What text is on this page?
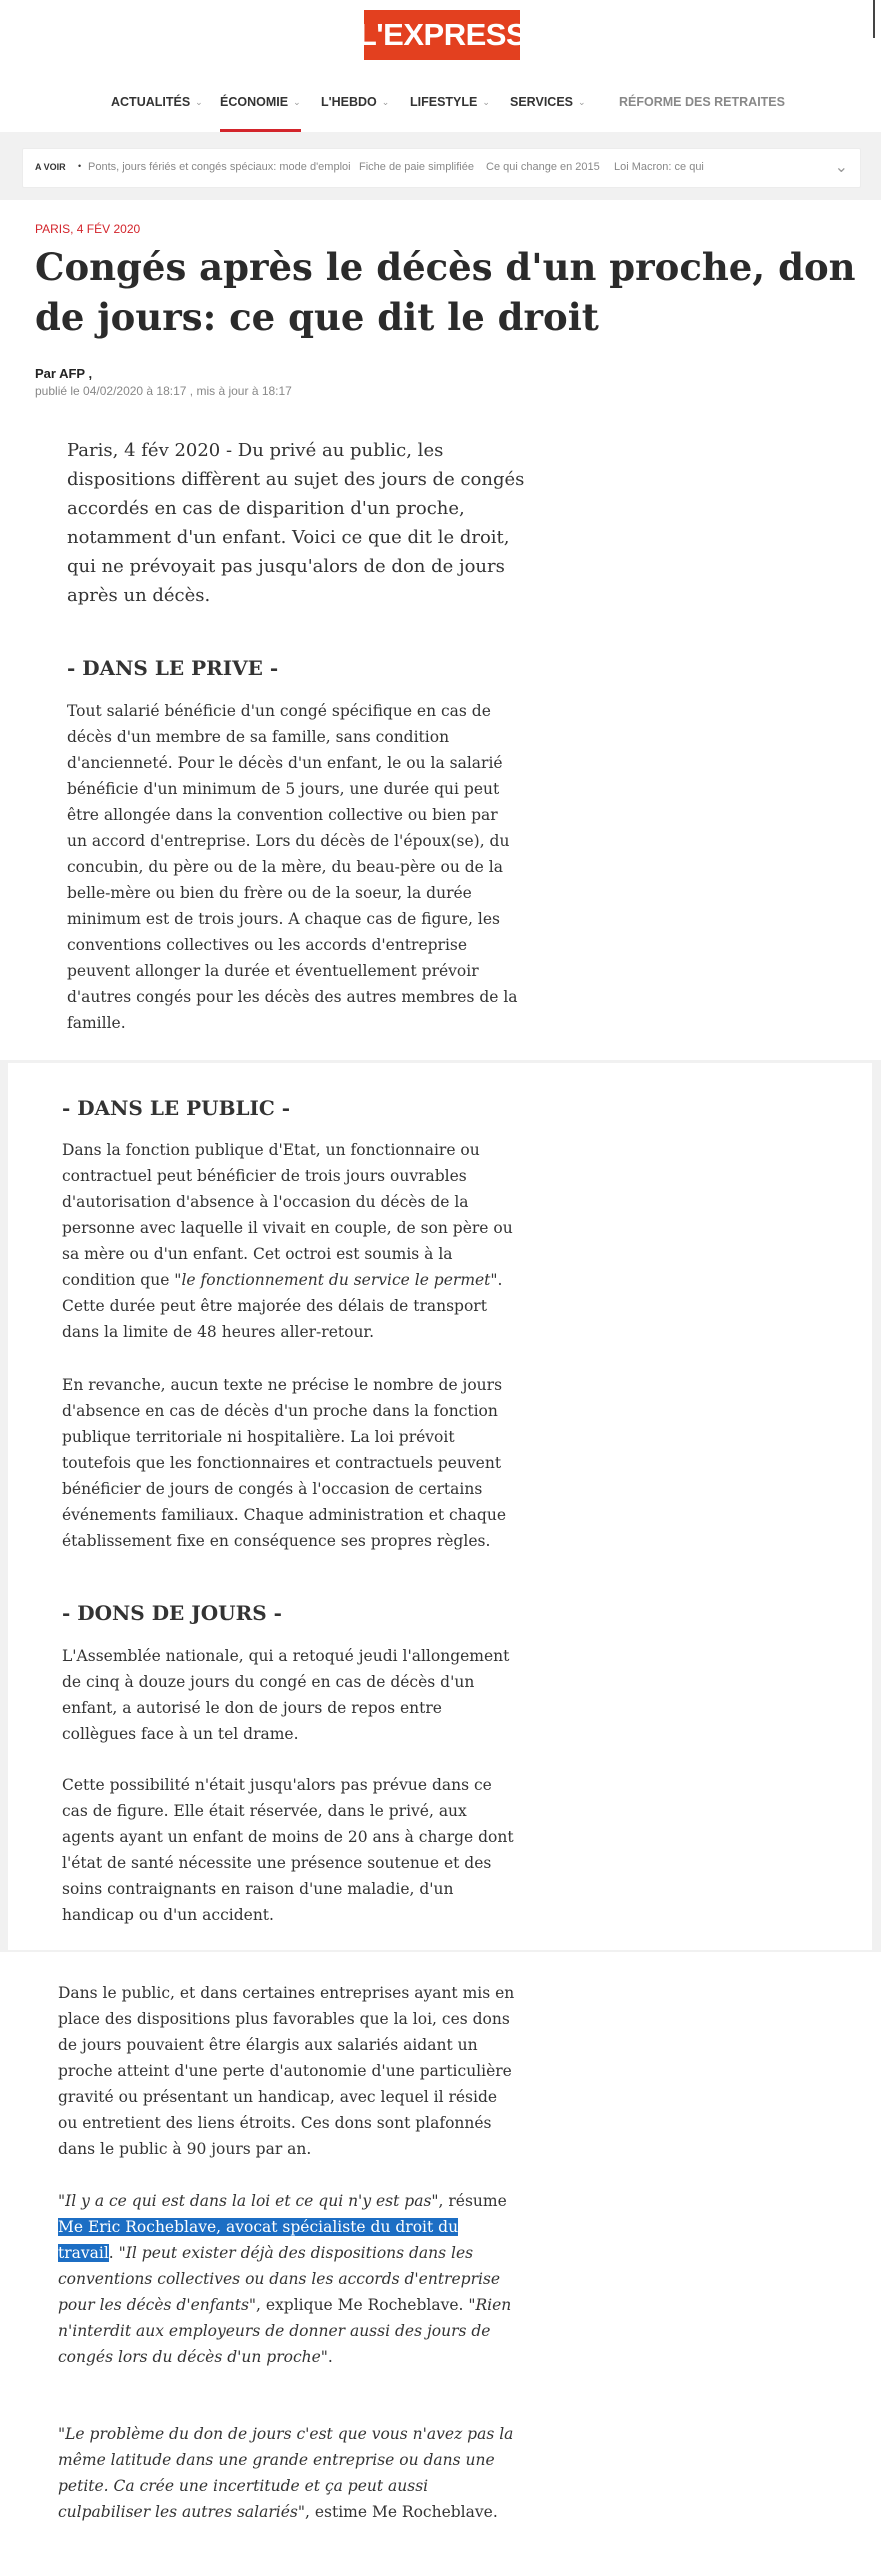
L'EXPRESS
ACTUALITÉS ⌄ ÉCONOMIE ⌄ L'HEBDO ⌄ LIFESTYLE ⌄ SERVICES ⌄	RÉFORME DES RETRAITES
A VOIR • Ponts, jours fériés et congés spéciaux: mode d'emploi Fiche de paie simplifiée Ce qui change en 2015 Loi Macron: ce qui	⌄
PARIS, 4 FÉV 2020
Congés après le décès d'un proche, don de jours: ce que dit le droit
Par AFP ,
publié le 04/02/2020 à 18:17 , mis à jour à 18:17

Paris, 4 fév 2020 - Du privé au public, les dispositions diffèrent au sujet des jours de congés accordés en cas de disparition d'un proche, notamment d'un enfant. Voici ce que dit le droit, qui ne prévoyait pas jusqu'alors de don de jours après un décès.

- DANS LE PRIVE -

Tout salarié bénéficie d'un congé spécifique en cas de décès d'un membre de sa famille, sans condition d'ancienneté. Pour le décès d'un enfant, le ou la salarié bénéficie d'un minimum de 5 jours, une durée qui peut être allongée dans la convention collective ou bien par un accord d'entreprise. Lors du décès de l'époux(se), du concubin, du père ou de la mère, du beau-père ou de la belle-mère ou bien du frère ou de la soeur, la durée minimum est de trois jours. A chaque cas de figure, les conventions collectives ou les accords d'entreprise peuvent allonger la durée et éventuellement prévoir d'autres congés pour les décès des autres membres de la famille.

- DANS LE PUBLIC -

Dans la fonction publique d'Etat, un fonctionnaire ou contractuel peut bénéficier de trois jours ouvrables d'autorisation d'absence à l'occasion du décès de la personne avec laquelle il vivait en couple, de son père ou sa mère ou d'un enfant. Cet octroi est soumis à la condition que "le fonctionnement du service le permet". Cette durée peut être majorée des délais de transport dans la limite de 48 heures aller-retour.

En revanche, aucun texte ne précise le nombre de jours d'absence en cas de décès d'un proche dans la fonction publique territoriale ni hospitalière. La loi prévoit toutefois que les fonctionnaires et contractuels peuvent bénéficier de jours de congés à l'occasion de certains événements familiaux. Chaque administration et chaque établissement fixe en conséquence ses propres règles.

- DONS DE JOURS -

L'Assemblée nationale, qui a retoqué jeudi l'allongement de cinq à douze jours du congé en cas de décès d'un enfant, a autorisé le don de jours de repos entre collègues face à un tel drame.

Cette possibilité n'était jusqu'alors pas prévue dans ce cas de figure. Elle était réservée, dans le privé, aux agents ayant un enfant de moins de 20 ans à charge dont l'état de santé nécessite une présence soutenue et des soins contraignants en raison d'une maladie, d'un handicap ou d'un accident.

Dans le public, et dans certaines entreprises ayant mis en place des dispositions plus favorables que la loi, ces dons de jours pouvaient être élargis aux salariés aidant un proche atteint d'une perte d'autonomie d'une particulière gravité ou présentant un handicap, avec lequel il réside ou entretient des liens étroits. Ces dons sont plafonnés dans le public à 90 jours par an.

"Il y a ce qui est dans la loi et ce qui n'y est pas", résume Me Eric Rocheblave, avocat spécialiste du droit du travail. "Il peut exister déjà des dispositions dans les conventions collectives ou dans les accords d'entreprise pour les décès d'enfants", explique Me Rocheblave. "Rien n'interdit aux employeurs de donner aussi des jours de congés lors du décès d'un proche".

"Le problème du don de jours c'est que vous n'avez pas la même latitude dans une grande entreprise ou dans une petite. Ca crée une incertitude et ça peut aussi culpabiliser les autres salariés", estime Me Rocheblave.
